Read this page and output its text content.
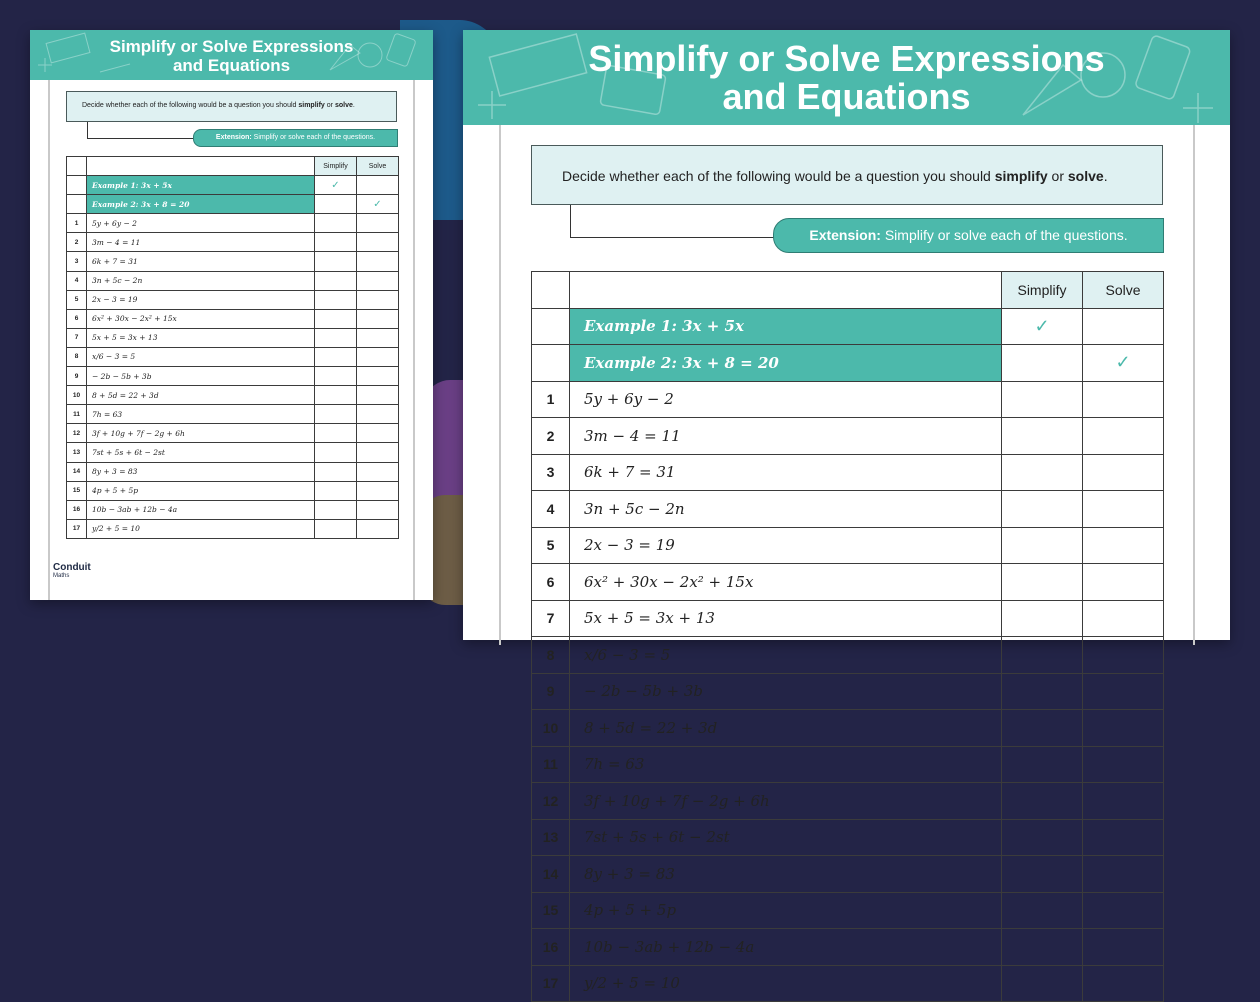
Simplify or Solve Expressions
and Equations
Decide whether each of the following would be a question you should simplify or solve.
Extension: Simplify or solve each of the questions.
		Simplify	Solve
	Example 1: 3x + 5x	✓	
	Example 2: 3x + 8 = 20		✓
1	5y + 6y − 2		
2	3m − 4 = 11		
3	6k + 7 = 31		
4	3n + 5c − 2n		
5	2x − 3 = 19		
6	6x² + 30x − 2x² + 15x		
7	5x + 5 = 3x + 13		
8	x/6 − 3 = 5		
9	− 2b − 5b + 3b		
10	8 + 5d = 22 + 3d		
11	7h = 63		
12	3f + 10g + 7f − 2g + 6h		
13	7st + 5s + 6t − 2st		
14	8y + 3 = 83		
15	4p + 5 + 5p		
16	10b − 3ab + 12b − 4a		
17	y/2 + 5 = 10		
Conduit
Maths
Simplify or Solve Expressions
and Equations
Decide whether each of the following would be a question you should simplify or solve.
Extension: Simplify or solve each of the questions.
		Simplify	Solve
	Example 1: 3x + 5x	✓	
	Example 2: 3x + 8 = 20		✓
1	5y + 6y − 2		
2	3m − 4 = 11		
3	6k + 7 = 31		
4	3n + 5c − 2n		
5	2x − 3 = 19		
6	6x² + 30x − 2x² + 15x		
7	5x + 5 = 3x + 13		
8	x/6 − 3 = 5		
9	− 2b − 5b + 3b		
10	8 + 5d = 22 + 3d		
11	7h = 63		
12	3f + 10g + 7f − 2g + 6h		
13	7st + 5s + 6t − 2st		
14	8y + 3 = 83		
15	4p + 5 + 5p		
16	10b − 3ab + 12b − 4a		
17	y/2 + 5 = 10		
